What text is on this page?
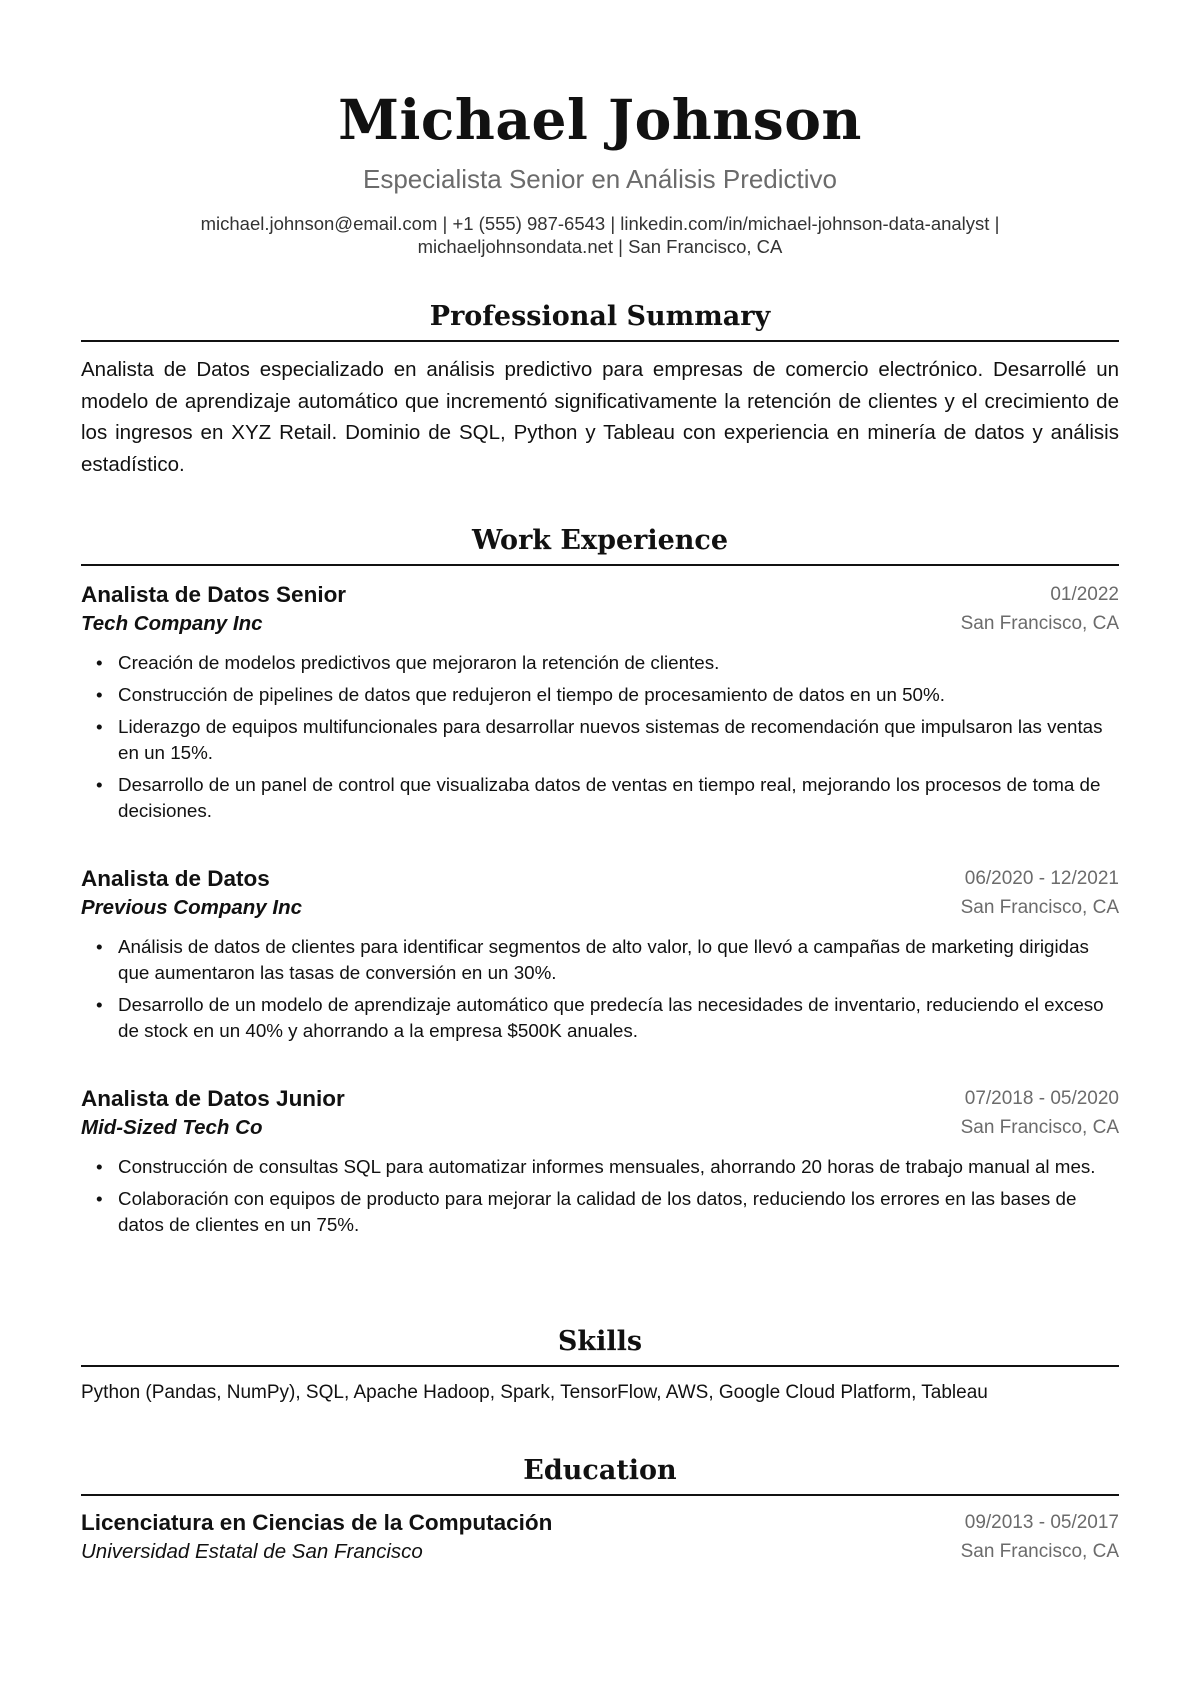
Michael Johnson
Especialista Senior en Análisis Predictivo
michael.johnson@email.com | +1 (555) 987-6543 | linkedin.com/in/michael-johnson-data-analyst |
michaeljohnsondata.net | San Francisco, CA
Professional Summary

Analista de Datos especializado en análisis predictivo para empresas de comercio electrónico. Desarrollé un modelo de aprendizaje automático que incrementó significativamente la retención de clientes y el crecimiento de los ingresos en XYZ Retail. Dominio de SQL, Python y Tableau con experiencia en minería de datos y análisis estadístico.

Work Experience
Analista de Datos Senior	01/2022
Tech Company Inc	San Francisco, CA
• Creación de modelos predictivos que mejoraron la retención de clientes.
• Construcción de pipelines de datos que redujeron el tiempo de procesamiento de datos en un 50%.
• Liderazgo de equipos multifuncionales para desarrollar nuevos sistemas de recomendación que impulsaron las ventas en un 15%.
• Desarrollo de un panel de control que visualizaba datos de ventas en tiempo real, mejorando los procesos de toma de decisiones.
Analista de Datos	06/2020 - 12/2021
Previous Company Inc	San Francisco, CA
• Análisis de datos de clientes para identificar segmentos de alto valor, lo que llevó a campañas de marketing dirigidas que aumentaron las tasas de conversión en un 30%.
• Desarrollo de un modelo de aprendizaje automático que predecía las necesidades de inventario, reduciendo el exceso de stock en un 40% y ahorrando a la empresa $500K anuales.
Analista de Datos Junior	07/2018 - 05/2020
Mid-Sized Tech Co	San Francisco, CA
• Construcción de consultas SQL para automatizar informes mensuales, ahorrando 20 horas de trabajo manual al mes.
• Colaboración con equipos de producto para mejorar la calidad de los datos, reduciendo los errores en las bases de datos de clientes en un 75%.
Skills
Python (Pandas, NumPy), SQL, Apache Hadoop, Spark, TensorFlow, AWS, Google Cloud Platform, Tableau
Education
Licenciatura en Ciencias de la Computación	09/2013 - 05/2017
Universidad Estatal de San Francisco	San Francisco, CA
